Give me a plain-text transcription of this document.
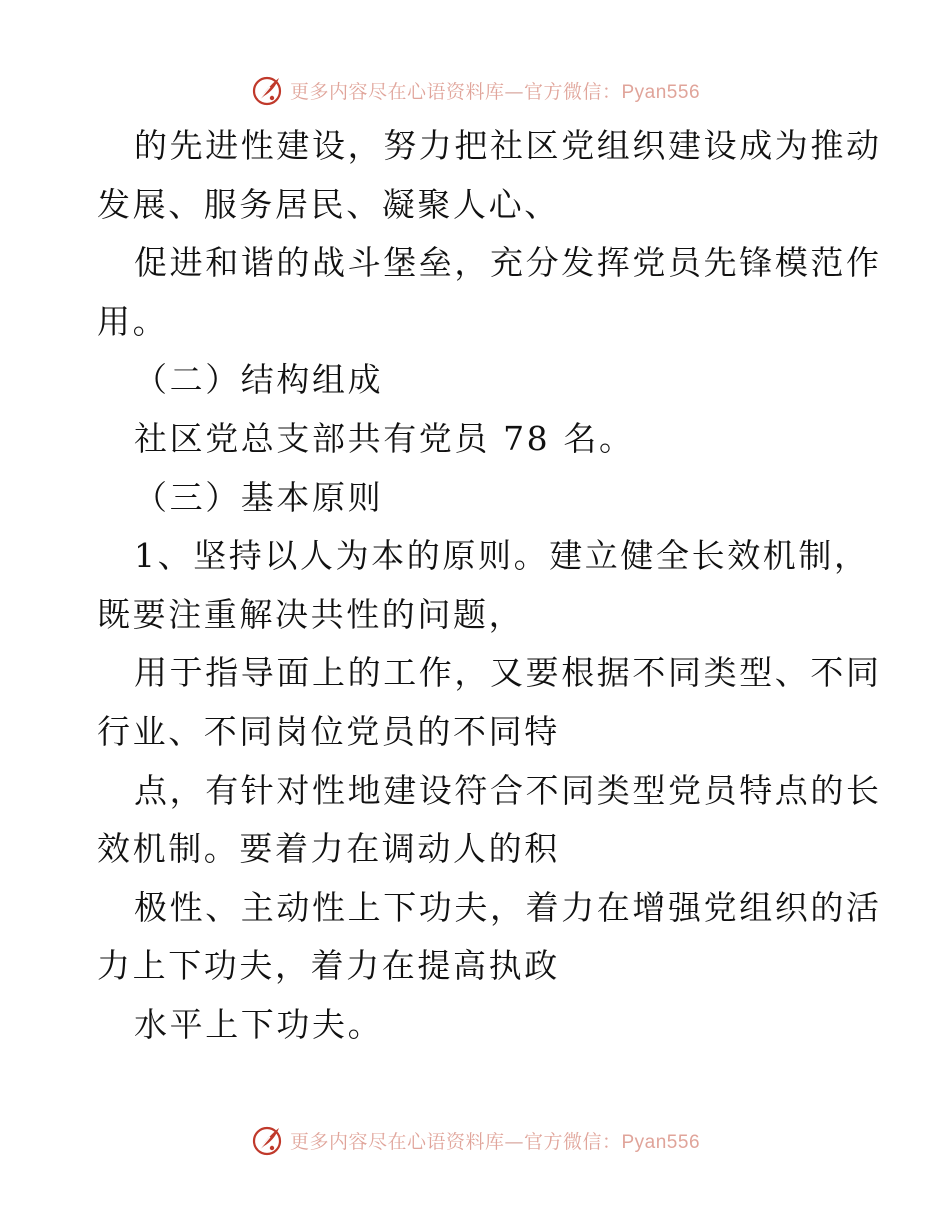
更多内容尽在心语资料库—官方微信：Pyan556
的先进性建设，努力把社区党组织建设成为推动
发展、服务居民、凝聚人心、
促进和谐的战斗堡垒，充分发挥党员先锋模范作
用。
（二）结构组成
社区党总支部共有党员 78 名。
（三）基本原则
1、坚持以人为本的原则。建立健全长效机制，
既要注重解决共性的问题，
用于指导面上的工作，又要根据不同类型、不同
行业、不同岗位党员的不同特
点，有针对性地建设符合不同类型党员特点的长
效机制。要着力在调动人的积
极性、主动性上下功夫，着力在增强党组织的活
力上下功夫，着力在提高执政
水平上下功夫。
更多内容尽在心语资料库—官方微信：Pyan556
